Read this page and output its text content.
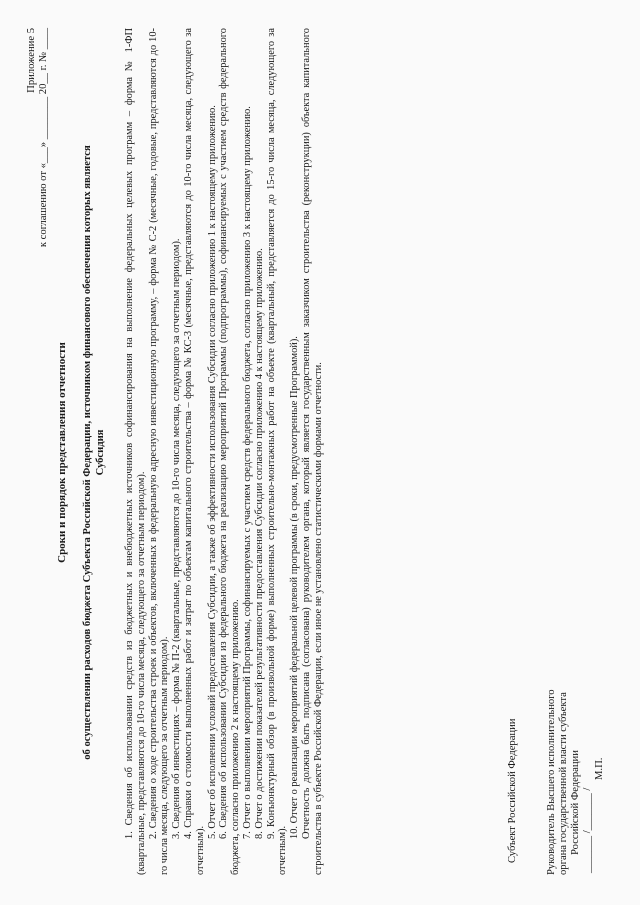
Приложение 5 к соглашению от «___» ________ 20__ г. № ____
Сроки и порядок представления отчетности об осуществлении расходов бюджета Субъекта Российской Федерации, источником финансового обеспечения которых является Субсидия 1. Сведения об использовании средств из бюджетных и внебюджетных источников софинансирования на выполнение федеральных целевых программ – форма № 1-ФП (квартальные, представляются до 10-го числа месяца, следующего за отчетным периодом). 2. Сведения о ходе строительства строек и объектов, включенных в федеральную адресную инвестиционную программу, – форма № С-2 (месячные, годовые, представляются до 10-го числа месяца, следующего за отчетным периодом). 3. Сведения об инвестициях – форма № П-2 (квартальные, представляются до 10-го числа месяца, следующего за отчетным периодом). 4. Справки о стоимости выполненных работ и затрат по объектам капитального строительства – форма № КС-3 (месячные, представляются до 10-го числа месяца, следующего за отчетным).

5. Отчет об исполнении условий предоставления Субсидии, а также об эффективности использования Субсидии согласно приложению 1 к настоящему приложению. 6. Сведения об использовании Субсидии из федерального бюджета на реализацию мероприятий Программы (подпрограммы), софинансируемых с участием средств федерального бюджета, согласно приложению 2 к настоящему приложению. 7. Отчет о выполнении мероприятий Программы, софинансируемых с участием средств федерального бюджета, согласно приложению 3 к настоящему приложению. 8. Отчет о достижении показателей результативности предоставления Субсидии согласно приложению 4 к настоящему приложению. 9. Конъюнктурный обзор (в произвольной форме) выполненных строительно-монтажных работ на объекте (квартальный, представляется до 15-го числа месяца, следующего за отчетным).

10. Отчет о реализации мероприятий федеральной целевой программы (в сроки, предусмотренные Программой). Отчетность должна быть подписана (согласована) руководителем органа, который является государственным заказчиком строительства (реконструкции) объекта капитального строительства в субъекте Российской Федерации, если иное не установлено статистическими формами отчетности.	Субъект Российской Федерации	Руководитель Высшего исполнительного органа государственной власти субъекта Российской Федерации _______ /_______ /
М.П.
